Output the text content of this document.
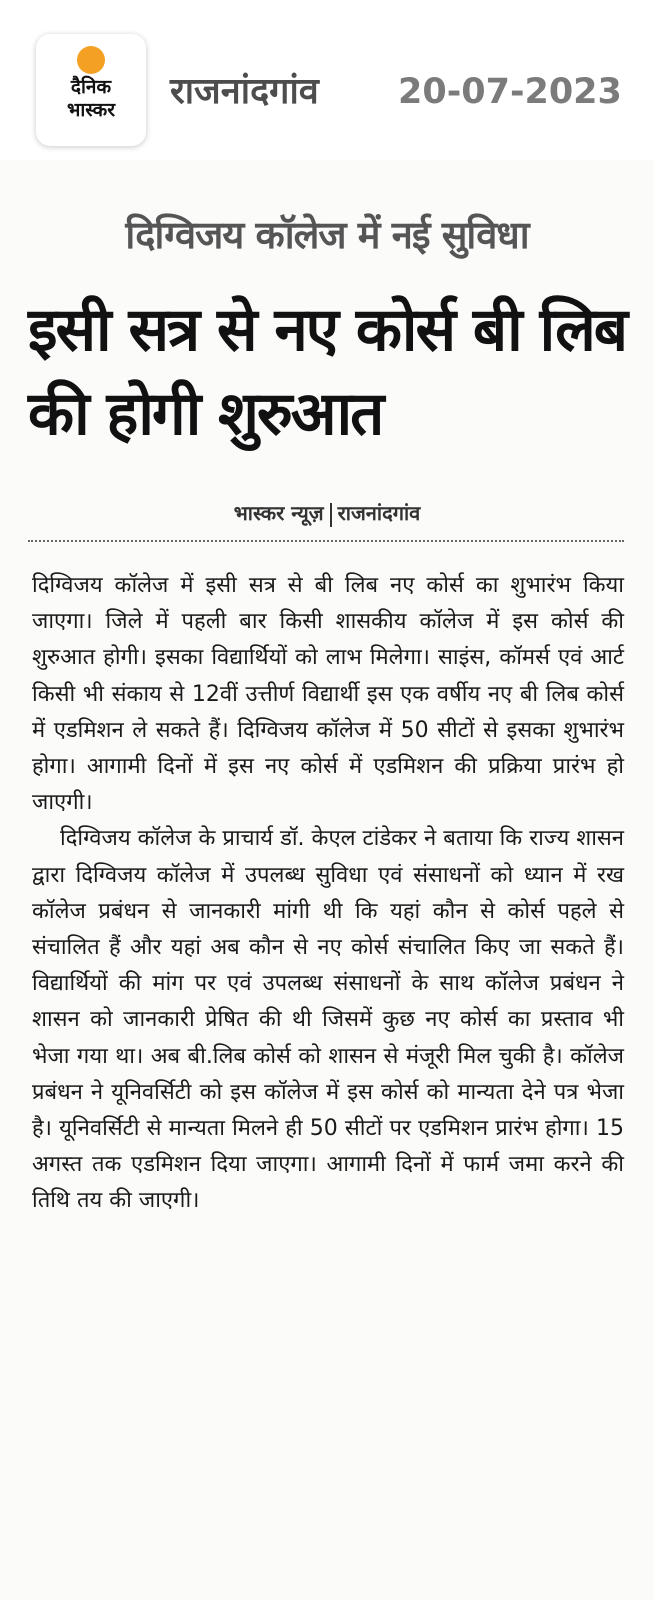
दैनिक
भास्कर राजनांदगांव 20-07-2023
दिग्विजय कॉलेज में नई सुविधा
इसी सत्र से नए कोर्स बी लिब की होगी शुरुआत
भास्कर न्यूज़ राजनांदगांव

दिग्विजय कॉलेज में इसी सत्र से बी लिब नए कोर्स का शुभारंभ किया जाएगा। जिले में पहली बार किसी शासकीय कॉलेज में इस कोर्स की शुरुआत होगी। इसका विद्यार्थियों को लाभ मिलेगा। साइंस, कॉमर्स एवं आर्ट किसी भी संकाय से 12वीं उत्तीर्ण विद्यार्थी इस एक वर्षीय नए बी लिब कोर्स में एडमिशन ले सकते हैं। दिग्विजय कॉलेज में 50 सीटों से इसका शुभारंभ होगा। आगामी दिनों में इस नए कोर्स में एडमिशन की प्रक्रिया प्रारंभ हो जाएगी।

दिग्विजय कॉलेज के प्राचार्य डॉ. केएल टांडेकर ने बताया कि राज्य शासन द्वारा दिग्विजय कॉलेज में उपलब्ध सुविधा एवं संसाधनों को ध्यान में रख कॉलेज प्रबंधन से जानकारी मांगी थी कि यहां कौन से कोर्स पहले से संचालित हैं और यहां अब कौन से नए कोर्स संचालित किए जा सकते हैं। विद्यार्थियों की मांग पर एवं उपलब्ध संसाधनों के साथ कॉलेज प्रबंधन ने शासन को जानकारी प्रेषित की थी जिसमें कुछ नए कोर्स का प्रस्ताव भी भेजा गया था। अब बी.लिब कोर्स को शासन से मंजूरी मिल चुकी है। कॉलेज प्रबंधन ने यूनिवर्सिटी को इस कॉलेज में इस कोर्स को मान्यता देने पत्र भेजा है। यूनिवर्सिटी से मान्यता मिलने ही 50 सीटों पर एडमिशन प्रारंभ होगा। 15 अगस्त तक एडमिशन दिया जाएगा। आगामी दिनों में फार्म जमा करने की तिथि तय की जाएगी।
